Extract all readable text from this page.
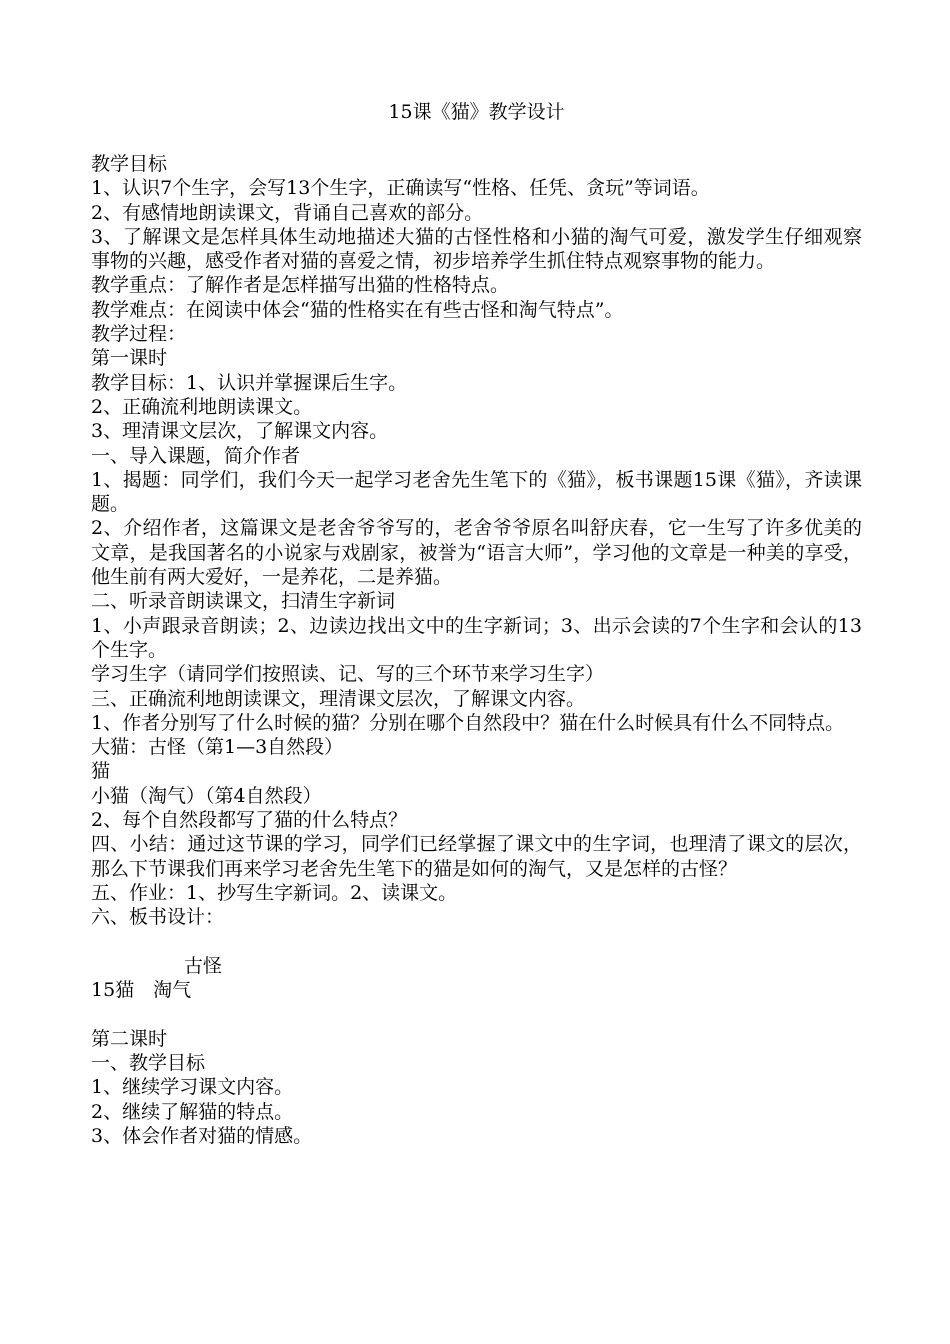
15课《猫》教学设计

教学目标

1、认识7个生字，会写13个生字，正确读写“性格、任凭、贪玩”等词语。

2、有感情地朗读课文，背诵自己喜欢的部分。

3、了解课文是怎样具体生动地描述大猫的古怪性格和小猫的淘气可爱，激发学生仔细观察事物的兴趣，感受作者对猫的喜爱之情，初步培养学生抓住特点观察事物的能力。

教学重点：了解作者是怎样描写出猫的性格特点。

教学难点：在阅读中体会“猫的性格实在有些古怪和淘气特点”。

教学过程：

第一课时

教学目标：1、认识并掌握课后生字。

2、正确流利地朗读课文。

3、理清课文层次，了解课文内容。

一、导入课题，简介作者

1、揭题：同学们，我们今天一起学习老舍先生笔下的《猫》，板书课题15课《猫》，齐读课题。

2、介绍作者，这篇课文是老舍爷爷写的，老舍爷爷原名叫舒庆春，它一生写了许多优美的文章，是我国著名的小说家与戏剧家，被誉为“语言大师”，学习他的文章是一种美的享受，他生前有两大爱好，一是养花，二是养猫。

二、听录音朗读课文，扫清生字新词

1、小声跟录音朗读；2、边读边找出文中的生字新词；3、出示会读的7个生字和会认的13个生字。

学习生字（请同学们按照读、记、写的三个环节来学习生字）

三、正确流利地朗读课文，理清课文层次，了解课文内容。

1、作者分别写了什么时候的猫？分别在哪个自然段中？猫在什么时候具有什么不同特点。

大猫：古怪（第1—3自然段）

猫

小猫（淘气）（第4自然段）

2、每个自然段都写了猫的什么特点？

四、小结：通过这节课的学习，同学们已经掌握了课文中的生字词，也理清了课文的层次，那么下节课我们再来学习老舍先生笔下的猫是如何的淘气，又是怎样的古怪？

五、作业：1、抄写生字新词。2、读课文。

六、板书设计：

古怪

15猫　淘气

第二课时

一、教学目标

1、继续学习课文内容。

2、继续了解猫的特点。

3、体会作者对猫的情感。
